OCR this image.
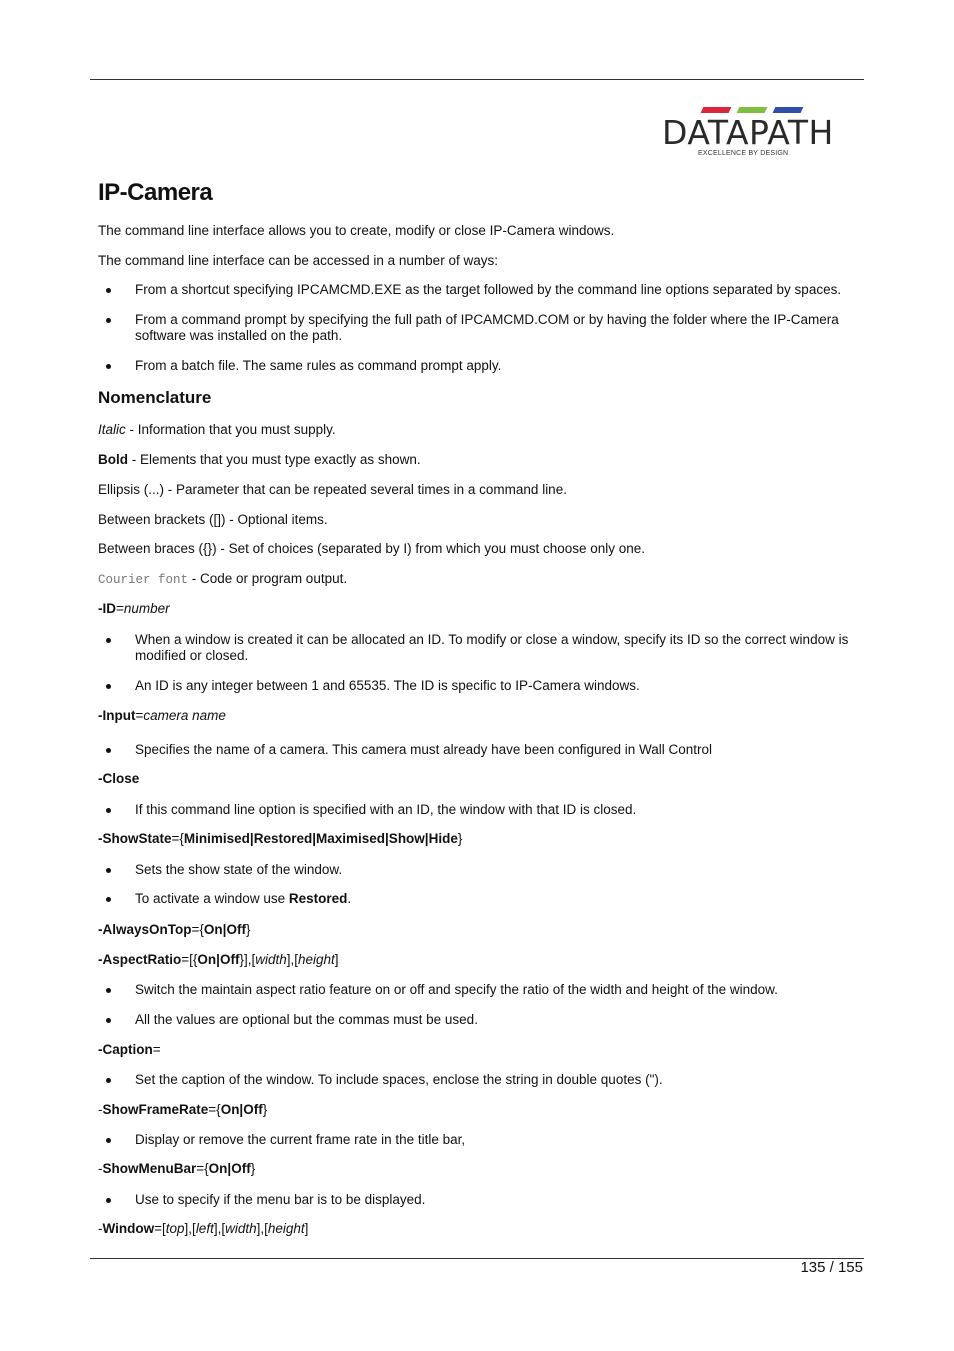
DATAPATH
EXCELLENCE BY DESIGN
IP-Camera
The command line interface allows you to create, modify or close IP-Camera windows.
The command line interface can be accessed in a number of ways:
From a shortcut specifying IPCAMCMD.EXE as the target followed by the command line options separated by spaces.
From a command prompt by specifying the full path of IPCAMCMD.COM or by having the folder where the IP-Camera software was installed on the path.
From a batch file. The same rules as command prompt apply.
Nomenclature
Italic - Information that you must supply.
Bold - Elements that you must type exactly as shown.
Ellipsis (...) - Parameter that can be repeated several times in a command line.
Between brackets ([]) - Optional items.
Between braces ({}) - Set of choices (separated by I) from which you must choose only one.
Courier font - Code or program output.
-ID=number
When a window is created it can be allocated an ID. To modify or close a window, specify its ID so the correct window is modified or closed.
An ID is any integer between 1 and 65535. The ID is specific to IP-Camera windows.
-Input=camera name
Specifies the name of a camera. This camera must already have been configured in Wall Control
-Close
If this command line option is specified with an ID, the window with that ID is closed.
-ShowState={Minimised|Restored|Maximised|Show|Hide}
Sets the show state of the window.
To activate a window use Restored.
-AlwaysOnTop={On|Off}
-AspectRatio=[{On|Off}],[width],[height]
Switch the maintain aspect ratio feature on or off and specify the ratio of the width and height of the window.
All the values are optional but the commas must be used.
-Caption=
Set the caption of the window. To include spaces, enclose the string in double quotes (").
-ShowFrameRate={On|Off}
Display or remove the current frame rate in the title bar,
-ShowMenuBar={On|Off}
Use to specify if the menu bar is to be displayed.
-Window=[top],[left],[width],[height]
135 / 155
